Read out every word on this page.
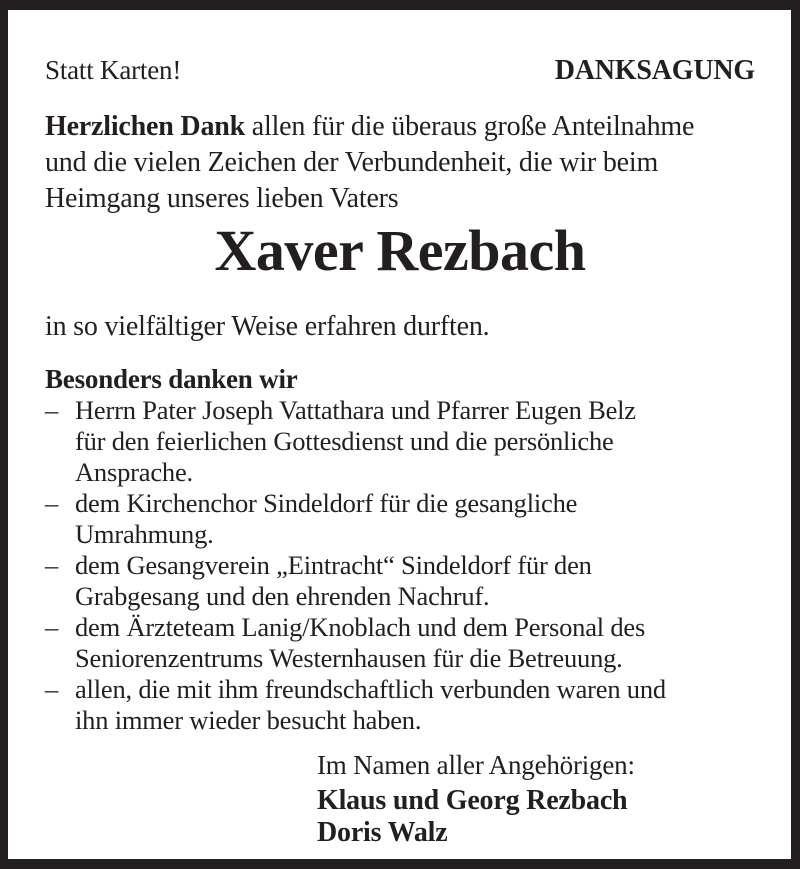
Statt Karten!	DANKSAGUNG
Herzlichen Dank allen für die überaus große Anteilnahme
und die vielen Zeichen der Verbundenheit, die wir beim
Heimgang unseres lieben Vaters
Xaver Rezbach
in so vielfältiger Weise erfahren durften.
Besonders danken wir
– Herrn Pater Joseph Vattathara und Pfarrer Eugen Belz
für den feierlichen Gottesdienst und die persönliche
Ansprache.
– dem Kirchenchor Sindeldorf für die gesangliche
Umrahmung.
– dem Gesangverein „Eintracht“ Sindeldorf für den
Grabgesang und den ehrenden Nachruf.
– dem Ärzteteam Lanig/Knoblach und dem Personal des
Seniorenzentrums Westernhausen für die Betreuung.
– allen, die mit ihm freundschaftlich verbunden waren und
ihn immer wieder besucht haben.
Im Namen aller Angehörigen:
Klaus und Georg Rezbach
Doris Walz
